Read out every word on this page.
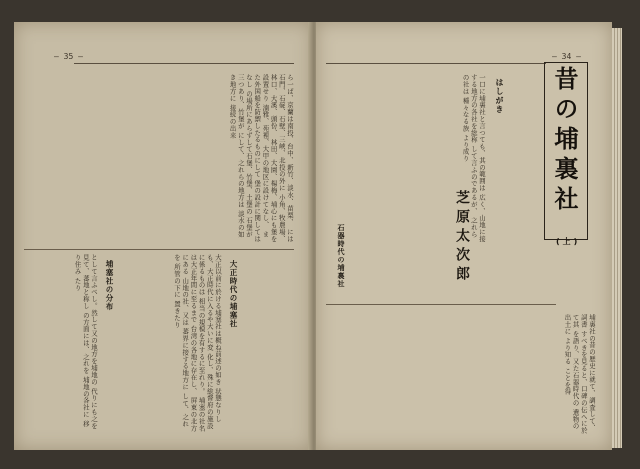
— 35 —
ら一ば、京蘭は南投、台中、新竹、淡水、苗栗、 には石門、石碇、石壁、三峽、北投の外に 小角、牧農場、林口、大溪、頭份、 林田、大園、楊梅、埔心にも堡を設置せり 湳雅、苑裡、大甲の地区に設けてなし、 また外国船を防禦したるものにして 堡の設計に関してはなし の場所にあらずして石堡、竹堡、土堡の 石堡が三つあり、竹堡が にして、之れらの地方は 淡水の如き地方に 接続の出来
大正時代の埔塞社
大正以前に於ける埔塞社は概ね前述の如き 状態なりしも、大正時代に入るや大いに変 化し、殊に総督府の施設に係るものは 相当の規模を有するに至れり。 埔塞の社名は大正年間に至るまで 台湾の各地に存在し、 屛東の北方にある 山地の社、又は 蕃界に接する地方に して、之れを 所管の下に 置きたり
埔塞社の分布
として言ふべし。然して又の地方を埔地の 代りにも之を見て、蕃地と称し の方面には、之れを 埔地の各社に 移り住み たり
— 34 —
はしがき
一口に埔裏社と言つても、其の範囲は 広く、山地に接する地方の各社を総称 して言ふのであるが、 之れらの社は 種々なる族 より成り
石器時代の埔裏社
埔裏社の昔の歴史に就て、調査して、詞書 すべきを見ると、口碑の伝へに於て其 を語り、又た石器時代の 遺物の出土に より知る ことを得
昔の埔裏社
(上)
芝原太次郎
